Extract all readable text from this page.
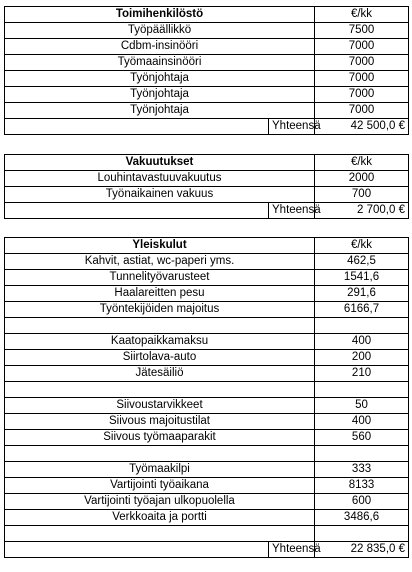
Toimihenkilöstö		€/kk
Työpäällikkö		7500
Cdbm-insinööri		7000
Työmaainsinööri		7000
Työnjohtaja		7000
Työnjohtaja		7000
Työnjohtaja		7000
	Yhteensä	42 500,0 €
Vakuutukset		€/kk
Louhintavastuuvakuutus		2000
Työnaikainen vakuus		700
	Yhteensä	2 700,0 €
Yleiskulut		€/kk
Kahvit, astiat, wc-paperi yms.		462,5
Tunnelityövarusteet		1541,6
Haalareitten pesu		291,6
Työntekijöiden majoitus		6166,7

Kaatopaikkamaksu		400
Siirtolava-auto		200
Jätesäiliö		210

Siivoustarvikkeet		50
Siivous majoitustilat		400
Siivous työmaaparakit		560

Työmaakilpi		333
Vartijointi työaikana		8133
Vartijointi työajan ulkopuolella		600
Verkkoaita ja portti		3486,6

	Yhteensä	22 835,0 €
